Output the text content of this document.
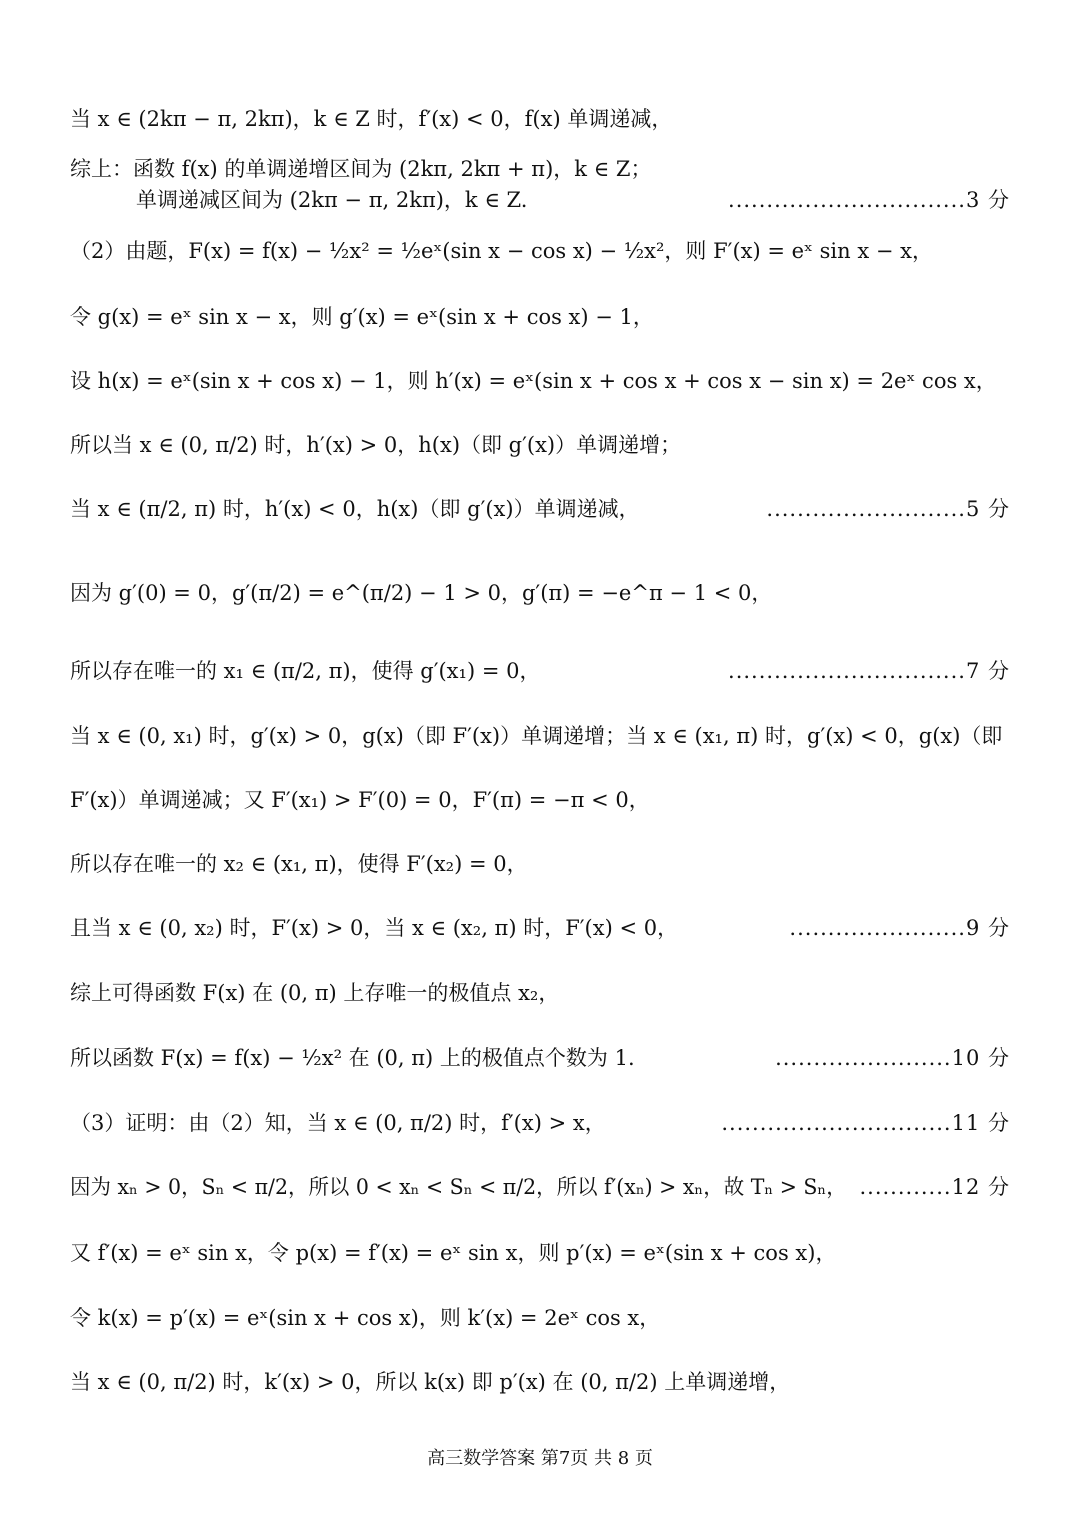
当 x ∈ (2kπ − π, 2kπ)，k ∈ Z 时，f′(x) < 0，f(x) 单调递减，
综上：函数 f(x) 的单调递增区间为 (2kπ, 2kπ + π)，k ∈ Z；
单调递减区间为 (2kπ − π, 2kπ)，k ∈ Z.	...............................3 分
（2）由题，F(x) = f(x) − ½x² = ½eˣ(sin x − cos x) − ½x²，则 F′(x) = eˣ sin x − x，
令 g(x) = eˣ sin x − x，则 g′(x) = eˣ(sin x + cos x) − 1，
设 h(x) = eˣ(sin x + cos x) − 1，则 h′(x) = eˣ(sin x + cos x + cos x − sin x) = 2eˣ cos x，
所以当 x ∈ (0, π/2) 时，h′(x) > 0，h(x)（即 g′(x)）单调递增；
当 x ∈ (π/2, π) 时，h′(x) < 0，h(x)（即 g′(x)）单调递减，	..........................5 分
因为 g′(0) = 0，g′(π/2) = e^(π/2) − 1 > 0，g′(π) = −e^π − 1 < 0，
所以存在唯一的 x₁ ∈ (π/2, π)，使得 g′(x₁) = 0，	...............................7 分
当 x ∈ (0, x₁) 时，g′(x) > 0，g(x)（即 F′(x)）单调递增；当 x ∈ (x₁, π) 时，g′(x) < 0，g(x)（即
F′(x)）单调递减；又 F′(x₁) > F′(0) = 0，F′(π) = −π < 0，
所以存在唯一的 x₂ ∈ (x₁, π)，使得 F′(x₂) = 0，
且当 x ∈ (0, x₂) 时，F′(x) > 0，当 x ∈ (x₂, π) 时，F′(x) < 0，	.......................9 分
综上可得函数 F(x) 在 (0, π) 上存唯一的极值点 x₂，
所以函数 F(x) = f(x) − ½x² 在 (0, π) 上的极值点个数为 1.	.......................10 分
（3）证明：由（2）知，当 x ∈ (0, π/2) 时，f′(x) > x，	..............................11 分
因为 xₙ > 0，Sₙ < π/2，所以 0 < xₙ < Sₙ < π/2，所以 f′(xₙ) > xₙ，故 Tₙ > Sₙ， ............12 分
又 f′(x) = eˣ sin x，令 p(x) = f′(x) = eˣ sin x，则 p′(x) = eˣ(sin x + cos x)，
令 k(x) = p′(x) = eˣ(sin x + cos x)，则 k′(x) = 2eˣ cos x，
当 x ∈ (0, π/2) 时，k′(x) > 0，所以 k(x) 即 p′(x) 在 (0, π/2) 上单调递增，
高三数学答案 第7页 共 8 页
